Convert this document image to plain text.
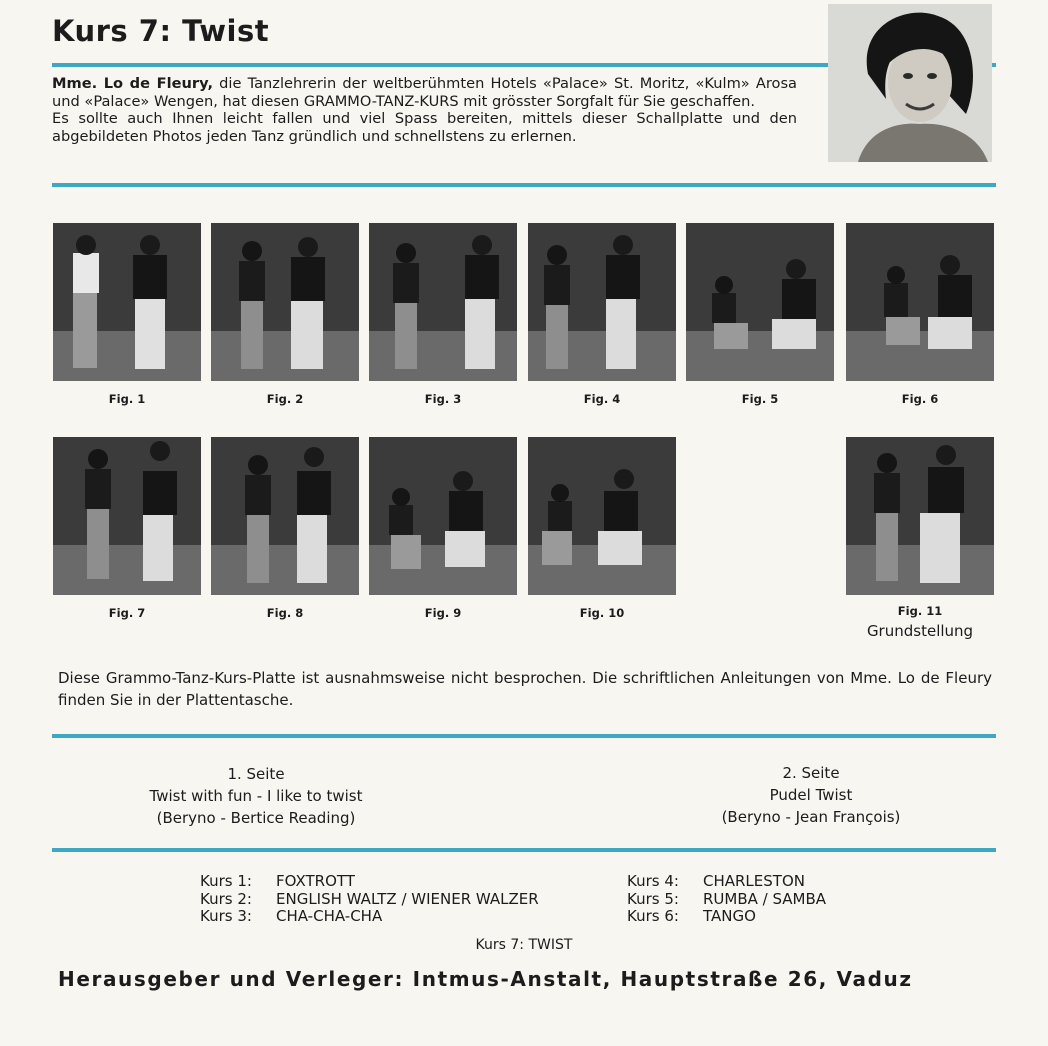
Kurs 7: Twist

Mme. Lo de Fleury, die Tanzlehrerin der weltberühmten Hotels «Palace» St. Moritz, «Kulm» Arosa und «Palace» Wengen, hat diesen GRAMMO-TANZ-KURS mit grösster Sorgfalt für Sie geschaffen.
Es sollte auch Ihnen leicht fallen und viel Spass bereiten, mittels dieser Schallplatte und den abgebildeten Photos jeden Tanz gründlich und schnellstens zu erlernen.

Fig. 1	Fig. 2	Fig. 3	Fig. 4	Fig. 5	Fig. 6
Fig. 7	Fig. 8	Fig. 9	Fig. 10	Fig. 11
Grundstellung

Diese Grammo-Tanz-Kurs-Platte ist ausnahmsweise nicht besprochen. Die schriftlichen Anleitungen von Mme. Lo de Fleury finden Sie in der Plattentasche.

1. Seite
Twist with fun - I like to twist
(Beryno - Bertice Reading)
2. Seite
Pudel Twist
(Beryno - Jean François)
Kurs 1: FOXTROTT
Kurs 2: ENGLISH WALTZ / WIENER WALZER
Kurs 3: CHA-CHA-CHA
Kurs 4: CHARLESTON
Kurs 5: RUMBA / SAMBA
Kurs 6: TANGO
Kurs 7: TWIST
Herausgeber und Verleger: Intmus-Anstalt, Hauptstraße 26, Vaduz
